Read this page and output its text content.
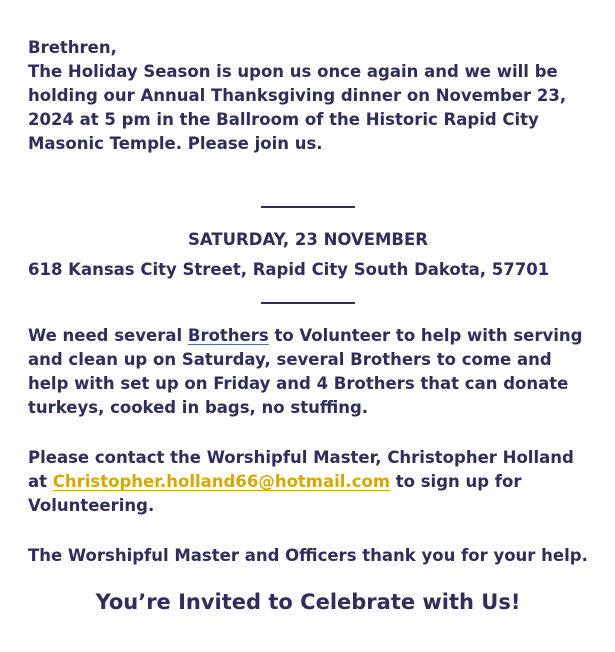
Brethren,

The Holiday Season is upon us once again and we will be holding our Annual Thanksgiving dinner on November 23, 2024 at 5 pm in the Ballroom of the Historic Rapid City Masonic Temple. Please join us.

SATURDAY, 23 NOVEMBER

618 Kansas City Street, Rapid City South Dakota, 57701

We need several Brothers to Volunteer to help with serving and clean up on Saturday, several Brothers to come and help with set up on Friday and 4 Brothers that can donate turkeys, cooked in bags, no stuffing.

Please contact the Worshipful Master, Christopher Holland at Christopher.holland66@hotmail.com to sign up for Volunteering.

The Worshipful Master and Officers thank you for your help.

You’re Invited to Celebrate with Us!
